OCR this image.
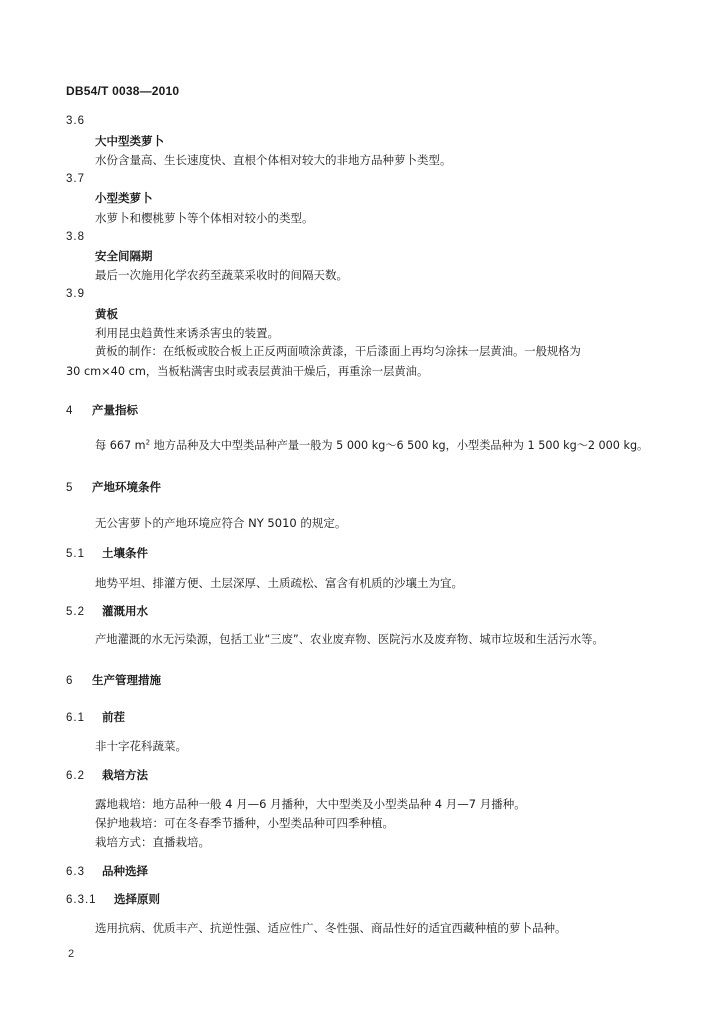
DB54/T 0038—2010
3.6
大中型类萝卜
水份含量高、生长速度快、直根个体相对较大的非地方品种萝卜类型。
3.7
小型类萝卜
水萝卜和樱桃萝卜等个体相对较小的类型。
3.8
安全间隔期
最后一次施用化学农药至蔬菜采收时的间隔天数。
3.9
黄板
利用昆虫趋黄性来诱杀害虫的装置。
黄板的制作：在纸板或胶合板上正反两面喷涂黄漆，干后漆面上再均匀涂抹一层黄油。一般规格为
30 cm×40 cm，当板粘满害虫时或表层黄油干燥后，再重涂一层黄油。
4 产量指标
每 667 $m^2$ 地方品种及大中型类品种产量一般为 5 000 kg～6 500 kg，小型类品种为 1 500 kg～2 000 kg。
5 产地环境条件
无公害萝卜的产地环境应符合 NY 5010 的规定。
5.1 土壤条件
地势平坦、排灌方便、土层深厚、土质疏松、富含有机质的沙壤土为宜。
5.2 灌溉用水
产地灌溉的水无污染源，包括工业“三废”、农业废弃物、医院污水及废弃物、城市垃圾和生活污水等。
6 生产管理措施
6.1 前茬
非十字花科蔬菜。
6.2 栽培方法
露地栽培：地方品种一般 4 月—6 月播种，大中型类及小型类品种 4 月—7 月播种。
保护地栽培：可在冬春季节播种，小型类品种可四季种植。
栽培方式：直播栽培。
6.3 品种选择
6.3.1 选择原则
选用抗病、优质丰产、抗逆性强、适应性广、冬性强、商品性好的适宜西藏种植的萝卜品种。
2
